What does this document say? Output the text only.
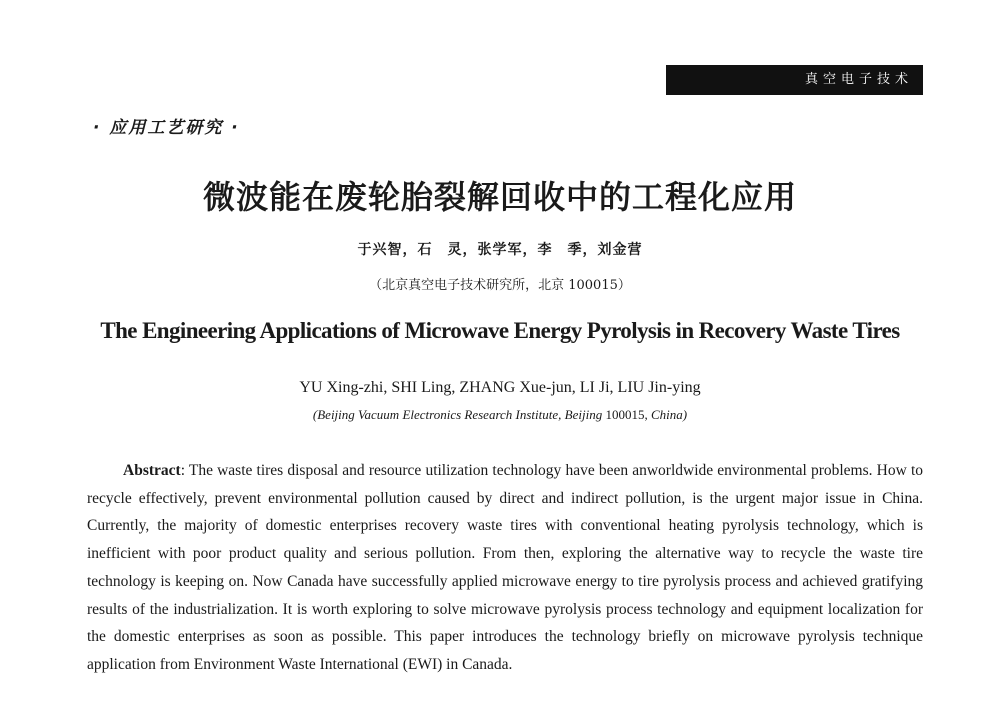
真空电子技术
· 应用工艺研究 ·
微波能在废轮胎裂解回收中的工程化应用
于兴智，石　灵，张学军，李　季，刘金营
（北京真空电子技术研究所，北京 100015）
The Engineering Applications of Microwave Energy Pyrolysis in Recovery Waste Tires
YU Xing-zhi, SHI Ling, ZHANG Xue-jun, LI Ji, LIU Jin-ying
(Beijing Vacuum Electronics Research Institute, Beijing 100015, China)

Abstract: The waste tires disposal and resource utilization technology have been anworldwide environmental problems. How to recycle effectively, prevent environmental pollution caused by direct and indirect pollution, is the urgent major issue in China. Currently, the majority of domestic enterprises recovery waste tires with conventional heating pyrolysis technology, which is inefficient with poor product quality and serious pollution. From then, exploring the alternative way to recycle the waste tire technology is keeping on. Now Canada have successfully applied microwave energy to tire pyrolysis process and achieved gratifying results of the industrialization. It is worth exploring to solve microwave pyrolysis process technology and equipment localization for the domestic enterprises as soon as possible. This paper introduces the technology briefly on microwave pyrolysis technique application from Environment Waste International (EWI) in Canada.
